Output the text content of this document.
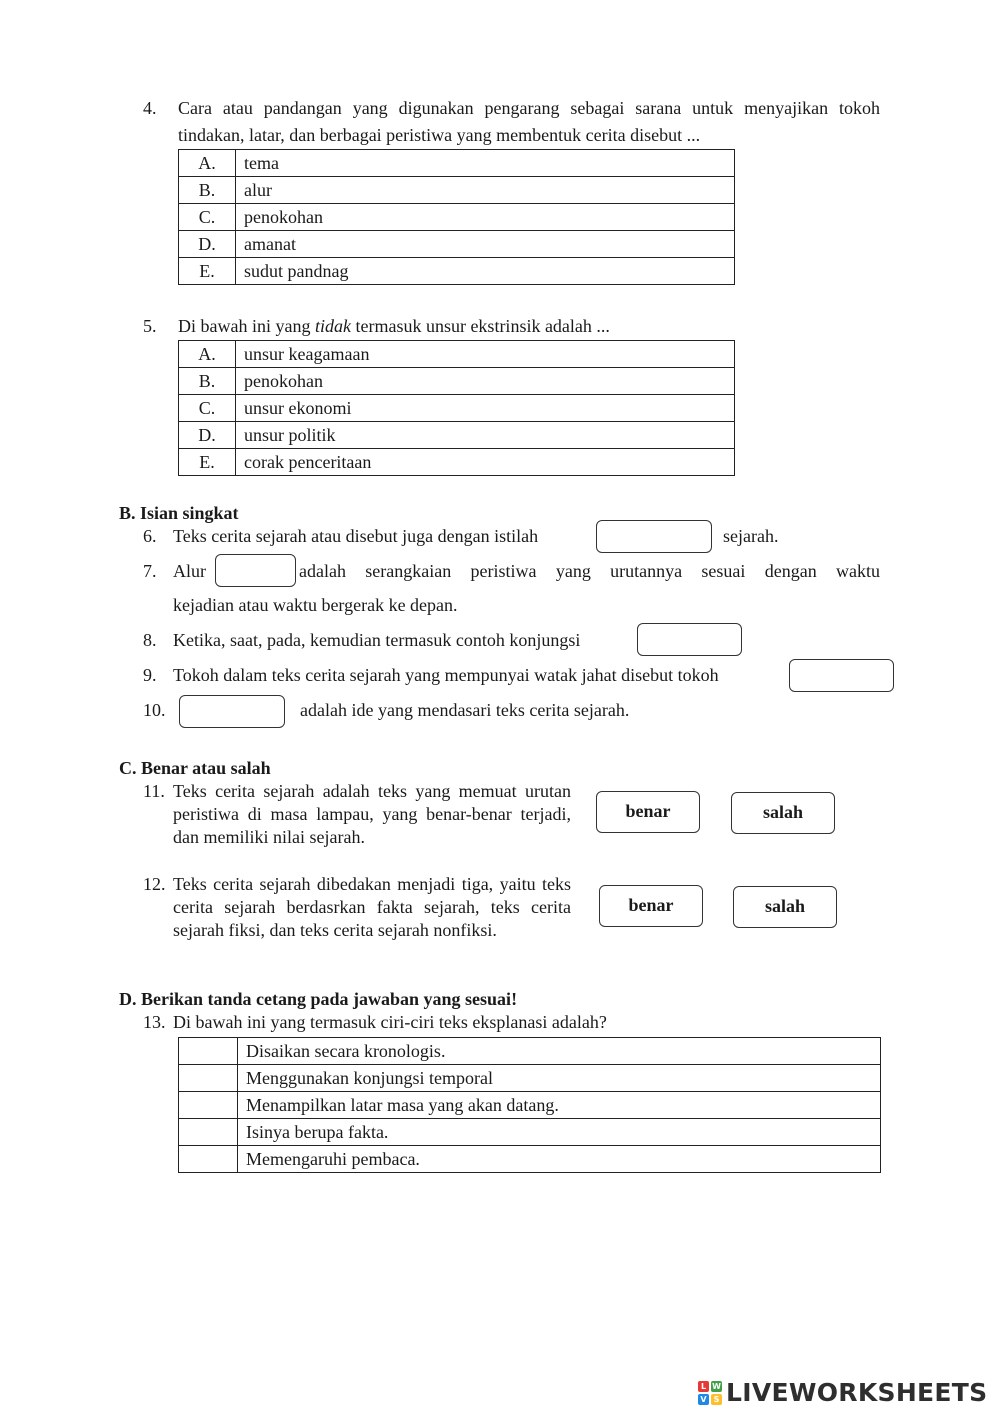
4. Cara atau pandangan yang digunakan pengarang sebagai sarana untuk menyajikan tokoh tindakan, latar, dan berbagai peristiwa yang membentuk cerita disebut ...
A.	tema
B.	alur
C.	penokohan
D.	amanat
E.	sudut pandnag
5. Di bawah ini yang tidak termasuk unsur ekstrinsik adalah ...
A.	unsur keagamaan
B.	penokohan
C.	unsur ekonomi
D.	unsur politik
E.	corak penceritaan
B. Isian singkat
6. Teks cerita sejarah atau disebut juga dengan istilah	sejarah.
7. Alur	adalah serangkaian peristiwa yang urutannya sesuai dengan waktu
kejadian atau waktu bergerak ke depan.
8. Ketika, saat, pada, kemudian termasuk contoh konjungsi
9. Tokoh dalam teks cerita sejarah yang mempunyai watak jahat disebut tokoh
10.	adalah ide yang mendasari teks cerita sejarah.
C. Benar atau salah
11. Teks cerita sejarah adalah teks yang memuat urutan peristiwa di masa lampau, yang benar-benar terjadi, dan memiliki nilai sejarah.
benar	salah
12. Teks cerita sejarah dibedakan menjadi tiga, yaitu teks cerita sejarah berdasrkan fakta sejarah, teks cerita sejarah fiksi, dan teks cerita sejarah nonfiksi.
benar	salah
D. Berikan tanda cetang pada jawaban yang sesuai!
13. Di bawah ini yang termasuk ciri-ciri teks eksplanasi adalah?
	Disaikan secara kronologis.
	Menggunakan konjungsi temporal
	Menampilkan latar masa yang akan datang.
	Isinya berupa fakta.
	Memengaruhi pembaca.
L W
V S LIVEWORKSHEETS
